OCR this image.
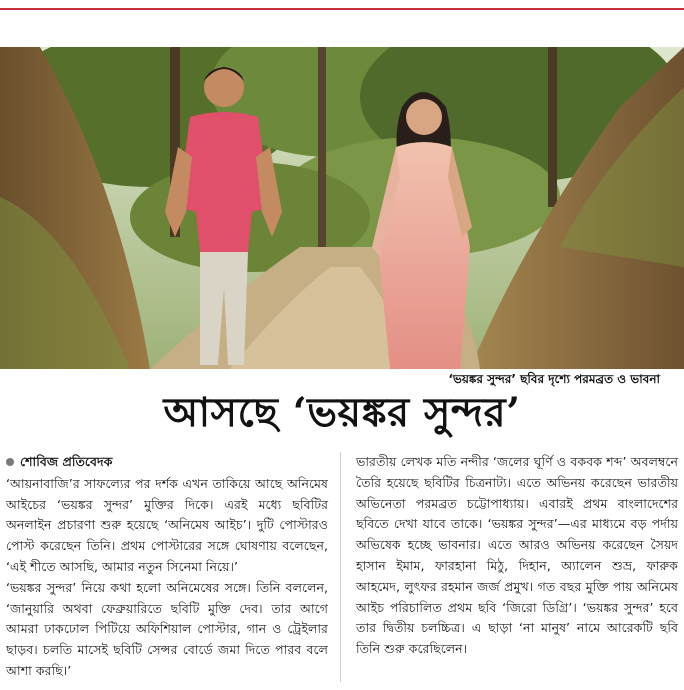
‘ভয়ঙ্কর সুন্দর’ ছবির দৃশ্যে পরমব্রত ও ভাবনা
আসছে ‘ভয়ঙ্কর সুন্দর’
শোবিজ প্রতিবেদক

‘আয়নাবাজি’র সাফল্যের পর দর্শক এখন তাকিয়ে আছে অনিমেষ আইচের ‘ভয়ঙ্কর সুন্দর’ মুক্তির দিকে। এরই মধ্যে ছবিটির অনলাইন প্রচারণা শুরু হয়েছে ‘অনিমেষ আইচ’। দুটি পোস্টারও পোস্ট করেছেন তিনি। প্রথম পোস্টারের সঙ্গে ঘোষণায় বলেছেন, ‘এই শীতে আসছি, আমার নতুন সিনেমা নিয়ে।’

‘ভয়ঙ্কর সুন্দর’ নিয়ে কথা হলো অনিমেষের সঙ্গে। তিনি বললেন, ‘জানুয়ারি অথবা ফেব্রুয়ারিতে ছবিটি মুক্তি দেব। তার আগে আমরা ঢাকঢোল পিটিয়ে অফিশিয়াল পোস্টার, গান ও ট্রেইলার ছাড়ব। চলতি মাসেই ছবিটি সেন্সর বোর্ডে জমা দিতে পারব বলে আশা করছি।’

ভারতীয় লেখক মতি নন্দীর ‘জলের ঘূর্ণি ও বকবক শব্দ’ অবলম্বনে তৈরি হয়েছে ছবিটির চিত্রনাট্য। এতে অভিনয় করেছেন ভারতীয় অভিনেতা পরমব্রত চট্টোপাধ্যায়। এবারই প্রথম বাংলাদেশের ছবিতে দেখা যাবে তাকে। ‘ভয়ঙ্কর সুন্দর’—এর মাধ্যমে বড় পর্দায় অভিষেক হচ্ছে ভাবনার। এতে আরও অভিনয় করেছেন সৈয়দ হাসান ইমাম, ফারহানা মিঠু, দিহান, অ্যালেন শুভ্র, ফারুক আহমেদ, লুৎফর রহমান জর্জ প্রমুখ। গত বছর মুক্তি পায় অনিমেষ আইচ পরিচালিত প্রথম ছবি ‘জিরো ডিগ্রি’। ‘ভয়ঙ্কর সুন্দর’ হবে তার দ্বিতীয় চলচ্চিত্র। এ ছাড়া ‘না মানুষ’ নামে আরেকটি ছবি তিনি শুরু করেছিলেন।
